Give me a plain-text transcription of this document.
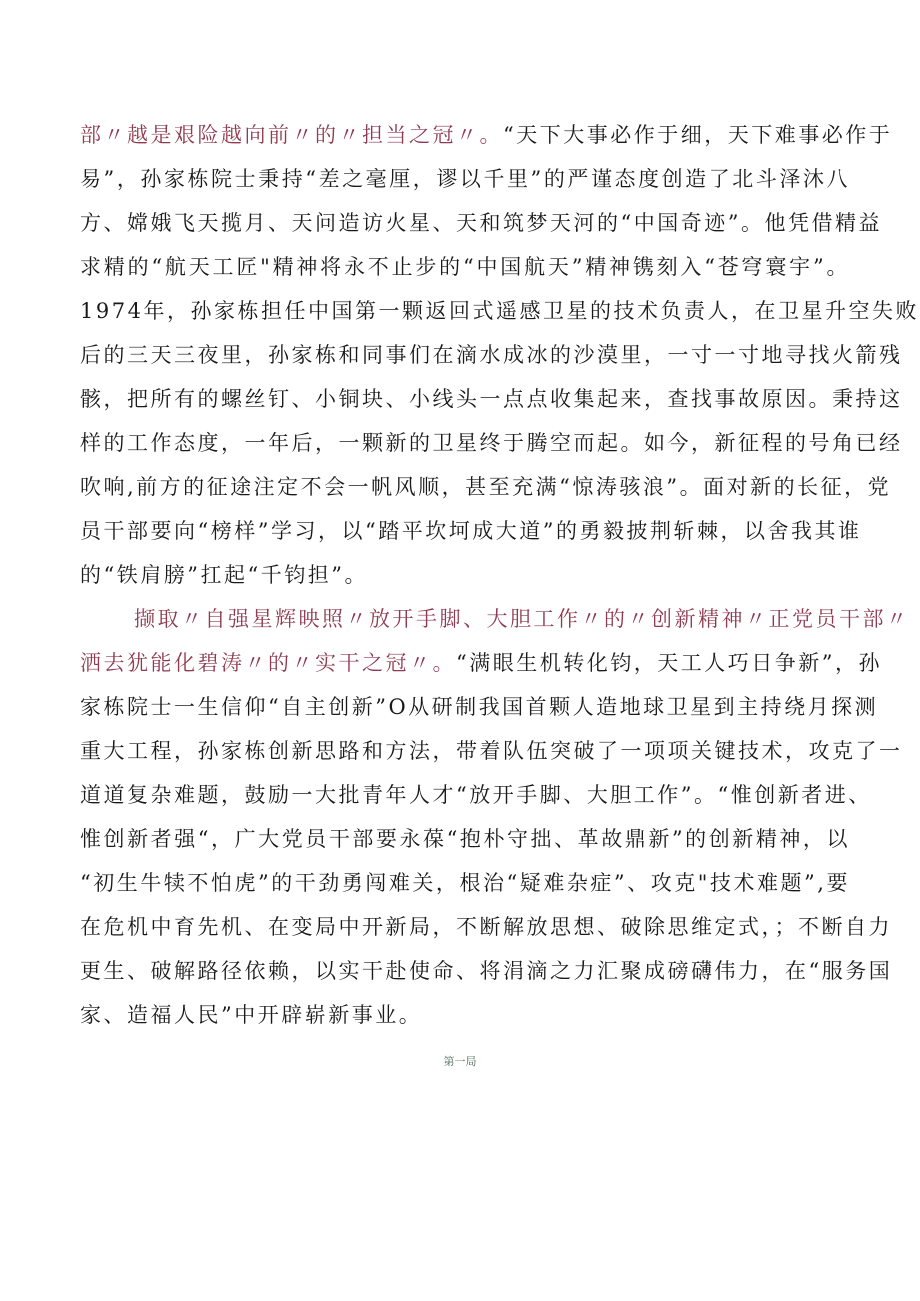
部〃越是艰险越向前〃的〃担当之冠〃。“天下大事必作于细，天下难事必作于
易”，孙家栋院士秉持“差之毫厘，谬以千里”的严谨态度创造了北斗泽沐八
方、嫦娥飞天揽月、天问造访火星、天和筑梦天河的“中国奇迹”。他凭借精益
求精的“航天工匠"精神将永不止步的“中国航天”精神镌刻入“苍穹寰宇”。
1974年，孙家栋担任中国第一颗返回式遥感卫星的技术负责人，在卫星升空失败
后的三天三夜里，孙家栋和同事们在滴水成冰的沙漠里，一寸一寸地寻找火箭残
骸，把所有的螺丝钉、小铜块、小线头一点点收集起来，查找事故原因。秉持这
样的工作态度，一年后，一颗新的卫星终于腾空而起。如今，新征程的号角已经
吹响,前方的征途注定不会一帆风顺，甚至充满“惊涛骇浪”。面对新的长征，党
员干部要向“榜样”学习，以“踏平坎坷成大道”的勇毅披荆斩棘，以舍我其谁
的“铁肩膀”扛起“千钧担”。
撷取〃自强星辉映照〃放开手脚、大胆工作〃的〃创新精神〃正党员干部〃
洒去犹能化碧涛〃的〃实干之冠〃。“满眼生机转化钧，天工人巧日争新”，孙
家栋院士一生信仰“自主创新”O从研制我国首颗人造地球卫星到主持绕月探测
重大工程，孙家栋创新思路和方法，带着队伍突破了一项项关键技术，攻克了一
道道复杂难题，鼓励一大批青年人才“放开手脚、大胆工作”。“惟创新者进、
惟创新者强“，广大党员干部要永葆“抱朴守拙、革故鼎新”的创新精神，以
“初生牛犊不怕虎”的干劲勇闯难关，根治“疑难杂症”、攻克"技术难题”,要
在危机中育先机、在变局中开新局，不断解放思想、破除思维定式，；不断自力
更生、破解路径依赖，以实干赴使命、将涓滴之力汇聚成磅礴伟力，在“服务国
家、造福人民”中开辟崭新事业。
第一局
